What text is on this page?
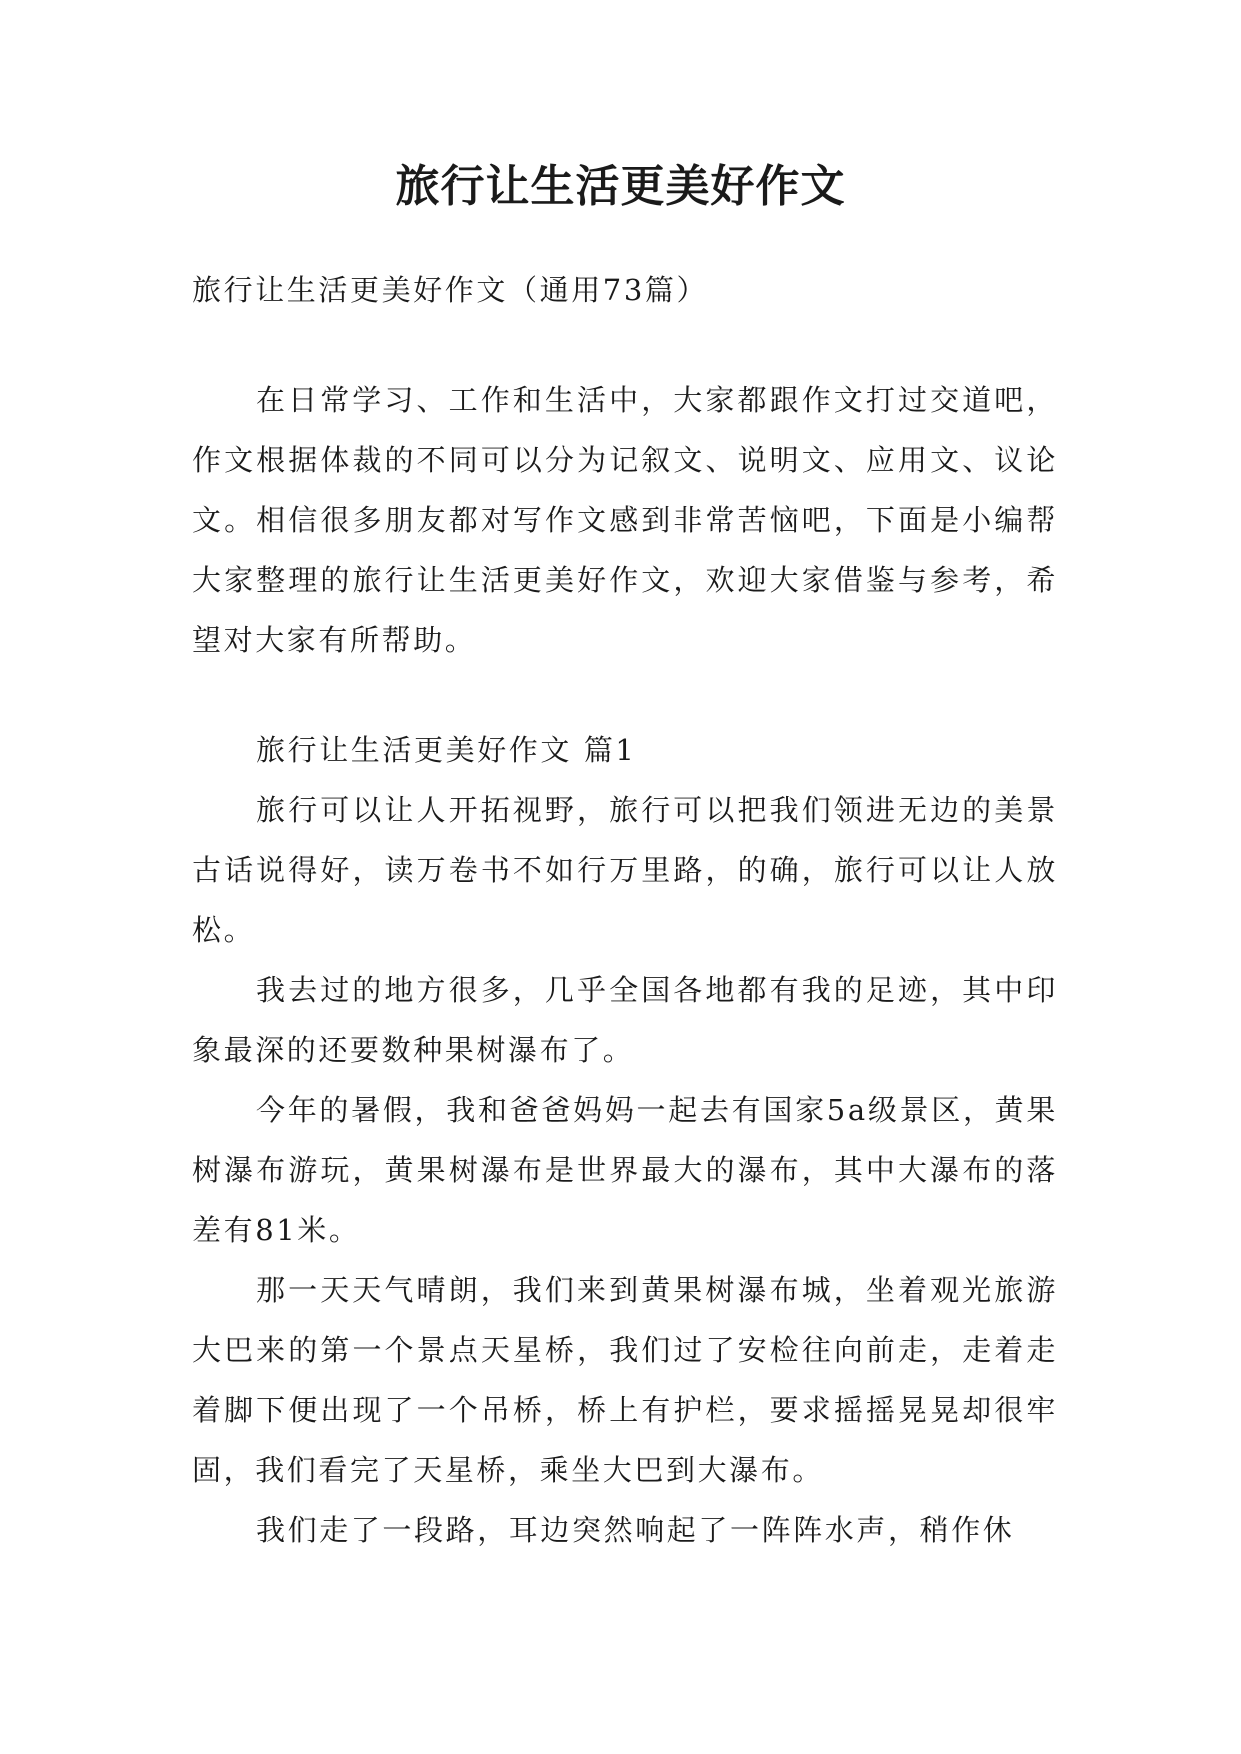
旅行让生活更美好作文

旅行让生活更美好作文（通用73篇）

在日常学习、工作和生活中，大家都跟作文打过交道吧，作文根据体裁的不同可以分为记叙文、说明文、应用文、议论文。相信很多朋友都对写作文感到非常苦恼吧，下面是小编帮大家整理的旅行让生活更美好作文，欢迎大家借鉴与参考，希望对大家有所帮助。

旅行让生活更美好作文 篇1

旅行可以让人开拓视野，旅行可以把我们领进无边的美景古话说得好，读万卷书不如行万里路，的确，旅行可以让人放松。

我去过的地方很多，几乎全国各地都有我的足迹，其中印象最深的还要数种果树瀑布了。

今年的暑假，我和爸爸妈妈一起去有国家5a级景区，黄果树瀑布游玩，黄果树瀑布是世界最大的瀑布，其中大瀑布的落差有81米。

那一天天气晴朗，我们来到黄果树瀑布城，坐着观光旅游大巴来的第一个景点天星桥，我们过了安检往向前走，走着走着脚下便出现了一个吊桥，桥上有护栏，要求摇摇晃晃却很牢固，我们看完了天星桥，乘坐大巴到大瀑布。

我们走了一段路，耳边突然响起了一阵阵水声，稍作休
